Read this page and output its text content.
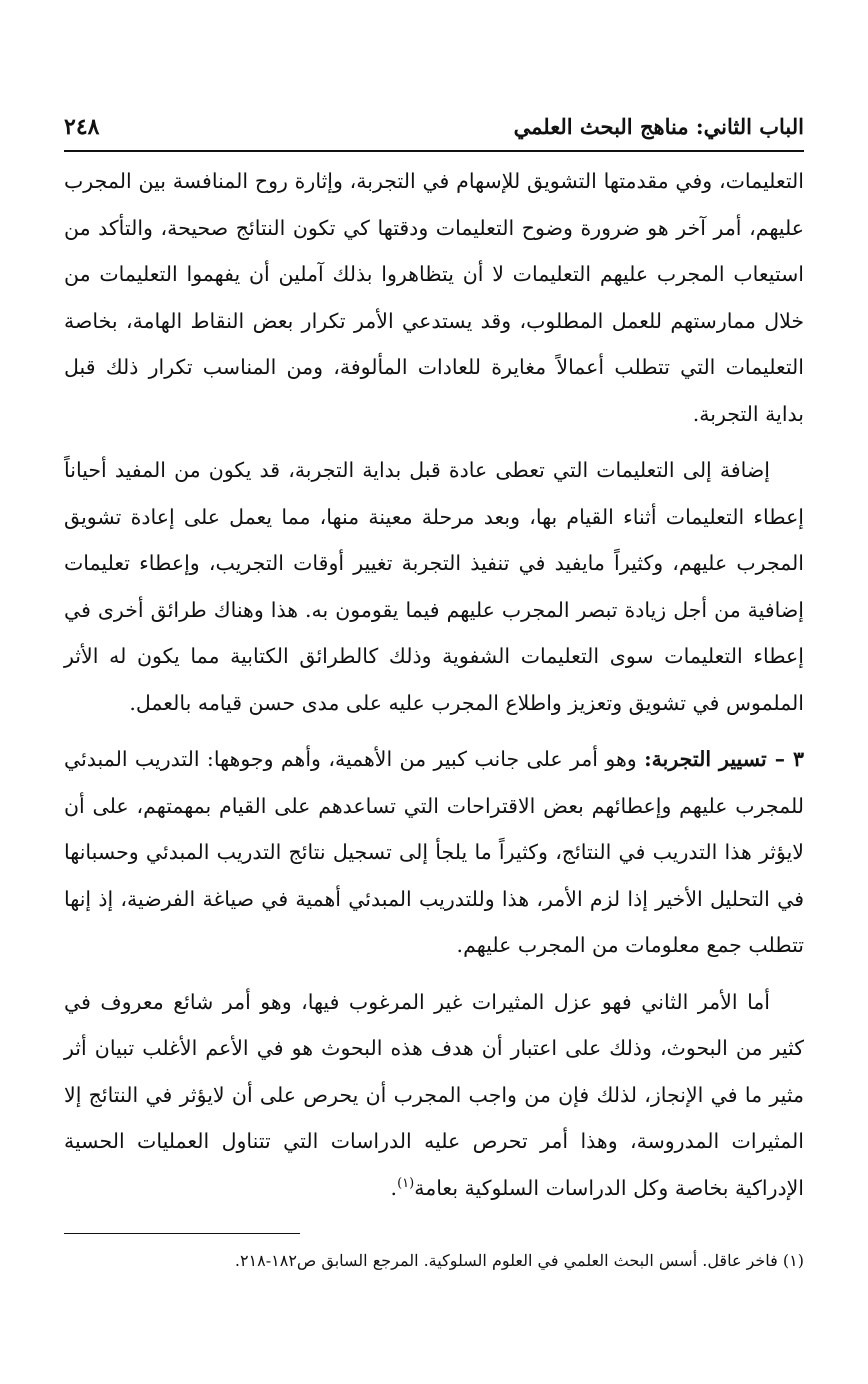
الباب الثاني: مناهج البحث العلمي
٢٤٨

التعليمات، وفي مقدمتها التشويق للإسهام في التجربة، وإثارة روح المنافسة بين المجرب عليهم، أمر آخر هو ضرورة وضوح التعليمات ودقتها كي تكون النتائج صحيحة، والتأكد من استيعاب المجرب عليهم التعليمات لا أن يتظاهروا بذلك آملين أن يفهموا التعليمات من خلال ممارستهم للعمل المطلوب، وقد يستدعي الأمر تكرار بعض النقاط الهامة، بخاصة التعليمات التي تتطلب أعمالاً مغايرة للعادات المألوفة، ومن المناسب تكرار ذلك قبل بداية التجربة.

إضافة إلى التعليمات التي تعطى عادة قبل بداية التجربة، قد يكون من المفيد أحياناً إعطاء التعليمات أثناء القيام بها، وبعد مرحلة معينة منها، مما يعمل على إعادة تشويق المجرب عليهم، وكثيراً مايفيد في تنفيذ التجربة تغيير أوقات التجريب، وإعطاء تعليمات إضافية من أجل زيادة تبصر المجرب عليهم فيما يقومون به. هذا وهناك طرائق أخرى في إعطاء التعليمات سوى التعليمات الشفوية وذلك كالطرائق الكتابية مما يكون له الأثر الملموس في تشويق وتعزيز واطلاع المجرب عليه على مدى حسن قيامه بالعمل.

٣ – تسيير التجربة: وهو أمر على جانب كبير من الأهمية، وأهم وجوهها: التدريب المبدئي للمجرب عليهم وإعطائهم بعض الاقتراحات التي تساعدهم على القيام بمهمتهم، على أن لايؤثر هذا التدريب في النتائج، وكثيراً ما يلجأ إلى تسجيل نتائج التدريب المبدئي وحسبانها في التحليل الأخير إذا لزم الأمر، هذا وللتدريب المبدئي أهمية في صياغة الفرضية، إذ إنها تتطلب جمع معلومات من المجرب عليهم.

أما الأمر الثاني فهو عزل المثيرات غير المرغوب فيها، وهو أمر شائع معروف في كثير من البحوث، وذلك على اعتبار أن هدف هذه البحوث هو في الأعم الأغلب تبيان أثر مثير ما في الإنجاز، لذلك فإن من واجب المجرب أن يحرص على أن لايؤثر في النتائج إلا المثيرات المدروسة، وهذا أمر تحرص عليه الدراسات التي تتناول العمليات الحسية الإدراكية بخاصة وكل الدراسات السلوكية بعامة$^{(١)}$.

(١) فاخر عاقل. أسس البحث العلمي في العلوم السلوكية. المرجع السابق ص١٨٢-٢١٨.
